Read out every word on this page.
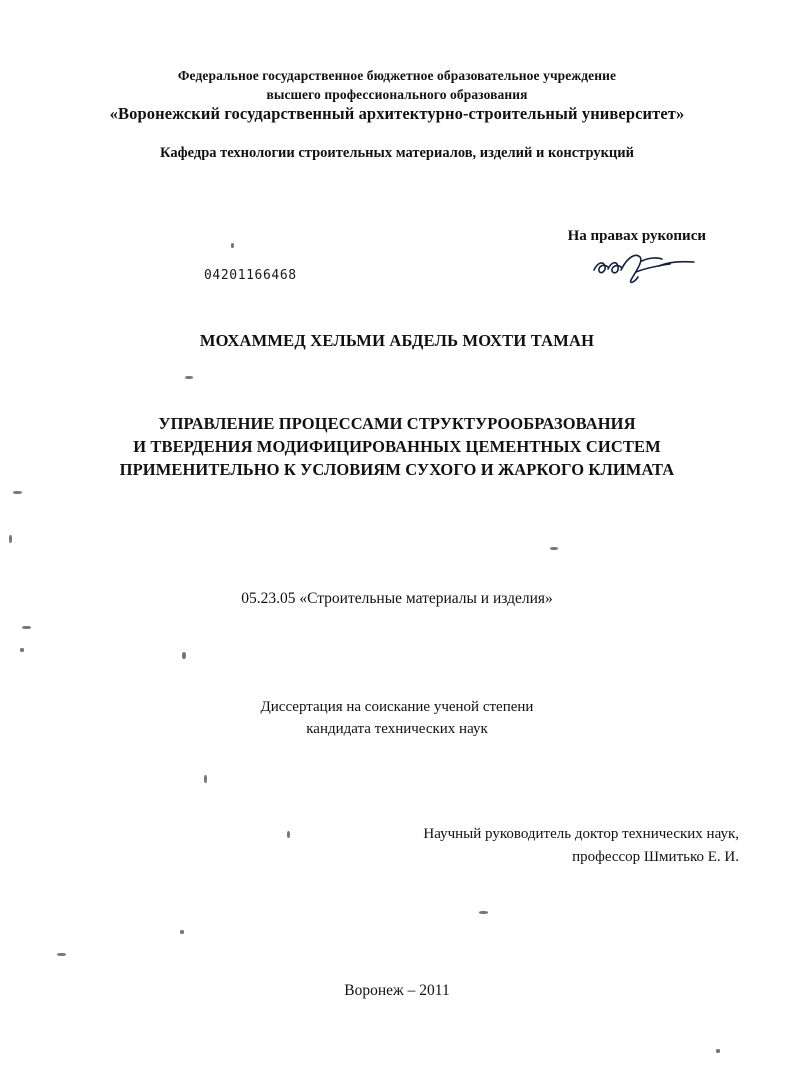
Федеральное государственное бюджетное образовательное учреждение
высшего профессионального образования
«Воронежский государственный архитектурно-строительный университет»
Кафедра технологии строительных материалов, изделий и конструкций
На правах рукописи
04201166468
МОХАММЕД ХЕЛЬМИ АБДЕЛЬ МОХТИ ТАМАН
УПРАВЛЕНИЕ ПРОЦЕССАМИ СТРУКТУРООБРАЗОВАНИЯ
И ТВЕРДЕНИЯ МОДИФИЦИРОВАННЫХ ЦЕМЕНТНЫХ СИСТЕМ
ПРИМЕНИТЕЛЬНО К УСЛОВИЯМ СУХОГО И ЖАРКОГО КЛИМАТА
05.23.05 «Строительные материалы и изделия»
Диссертация на соискание ученой степени
кандидата технических наук
Научный руководитель доктор технических наук,
профессор Шмитько Е. И.
Воронеж – 2011
